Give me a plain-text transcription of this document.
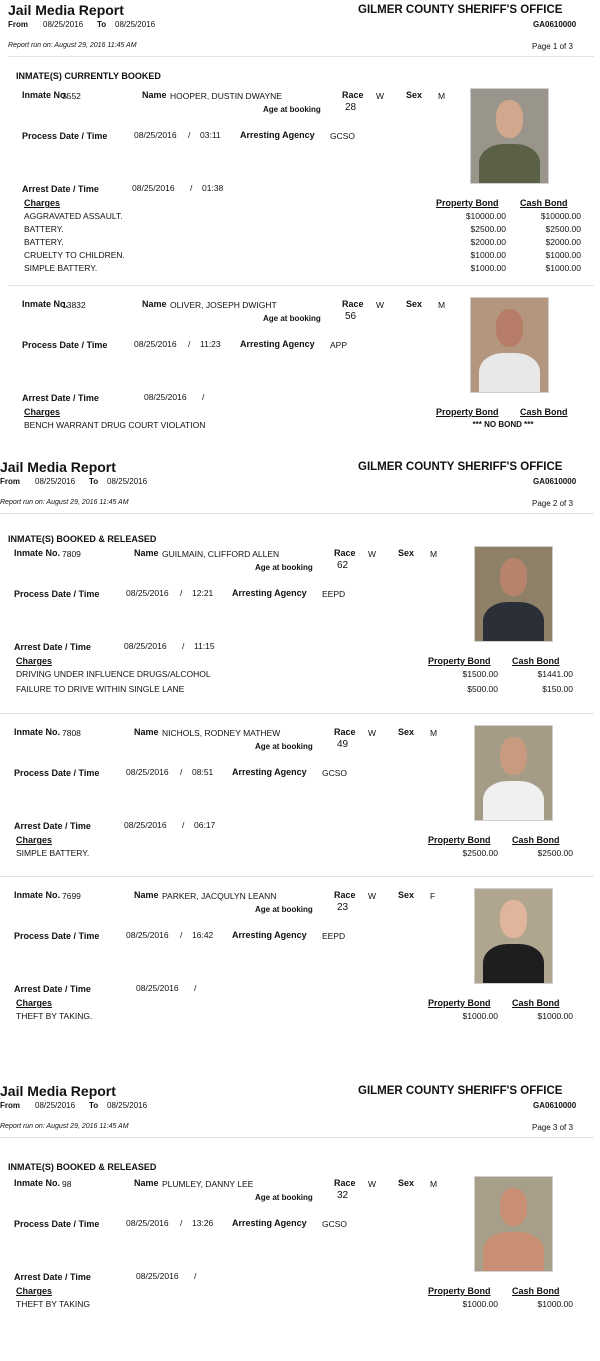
Jail Media Report	GILMER COUNTY SHERIFF'S OFFICE
From 08/25/2016 To 08/25/2016	GA0610000
Report run on: August 29, 2016 11:45 AM	Page 1 of 3
INMATE(S) CURRENTLY BOOKED
Inmate No.
3552	Name HOOPER, DUSTIN DWAYNE	Race W Sex M
Age at booking 28
Process Date / Time	08/25/2016 / 03:11 Arresting Agency GCSO
Arrest Date / Time	08/25/2016 / 01:38
Charges	Property Bond Cash Bond
AGGRAVATED ASSAULT.	$10000.00	$10000.00
BATTERY.	$2500.00	$2500.00
BATTERY.	$2000.00	$2000.00
CRUELTY TO CHILDREN.	$1000.00	$1000.00
SIMPLE BATTERY.	$1000.00	$1000.00
Inmate No.
13832	Name OLIVER, JOSEPH DWIGHT	Race W Sex M
Age at booking 56
Process Date / Time	08/25/2016 / 11:23 Arresting Agency APP
Arrest Date / Time	08/25/2016 /
Charges	Property Bond Cash Bond
BENCH WARRANT DRUG COURT VIOLATION	*** NO BOND ***
Jail Media Report	GILMER COUNTY SHERIFF'S OFFICE
From 08/25/2016 To 08/25/2016	GA0610000
Report run on: August 29, 2016 11:45 AM	Page 2 of 3
INMATE(S) BOOKED & RELEASED
Inmate No. 7809	Name GUILMAIN, CLIFFORD ALLEN	Race W Sex M
Age at booking 62
Process Date / Time	08/25/2016 / 12:21 Arresting Agency EEPD
Arrest Date / Time	08/25/2016 / 11:15
Charges	Property Bond Cash Bond
DRIVING UNDER INFLUENCE DRUGS/ALCOHOL	$1500.00	$1441.00
FAILURE TO DRIVE WITHIN SINGLE LANE	$500.00	$150.00
Inmate No. 7808	Name NICHOLS, RODNEY MATHEW	Race W Sex M
Age at booking 49
Process Date / Time	08/25/2016 / 08:51 Arresting Agency GCSO
Arrest Date / Time	08/25/2016 / 06:17
Charges	Property Bond Cash Bond
SIMPLE BATTERY.	$2500.00	$2500.00
Inmate No. 7699	Name PARKER, JACQULYN LEANN	Race W Sex F
Age at booking 23
Process Date / Time	08/25/2016 / 16:42 Arresting Agency EEPD
Arrest Date / Time	08/25/2016 /
Charges	Property Bond Cash Bond
THEFT BY TAKING.	$1000.00	$1000.00
Jail Media Report	GILMER COUNTY SHERIFF'S OFFICE
From 08/25/2016 To 08/25/2016	GA0610000
Report run on: August 29, 2016 11:45 AM	Page 3 of 3
INMATE(S) BOOKED & RELEASED
Inmate No. 98	Name PLUMLEY, DANNY LEE	Race W Sex M
Age at booking 32
Process Date / Time	08/25/2016 / 13:26 Arresting Agency GCSO
Arrest Date / Time	08/25/2016 /
Charges	Property Bond Cash Bond
THEFT BY TAKING	$1000.00	$1000.00
